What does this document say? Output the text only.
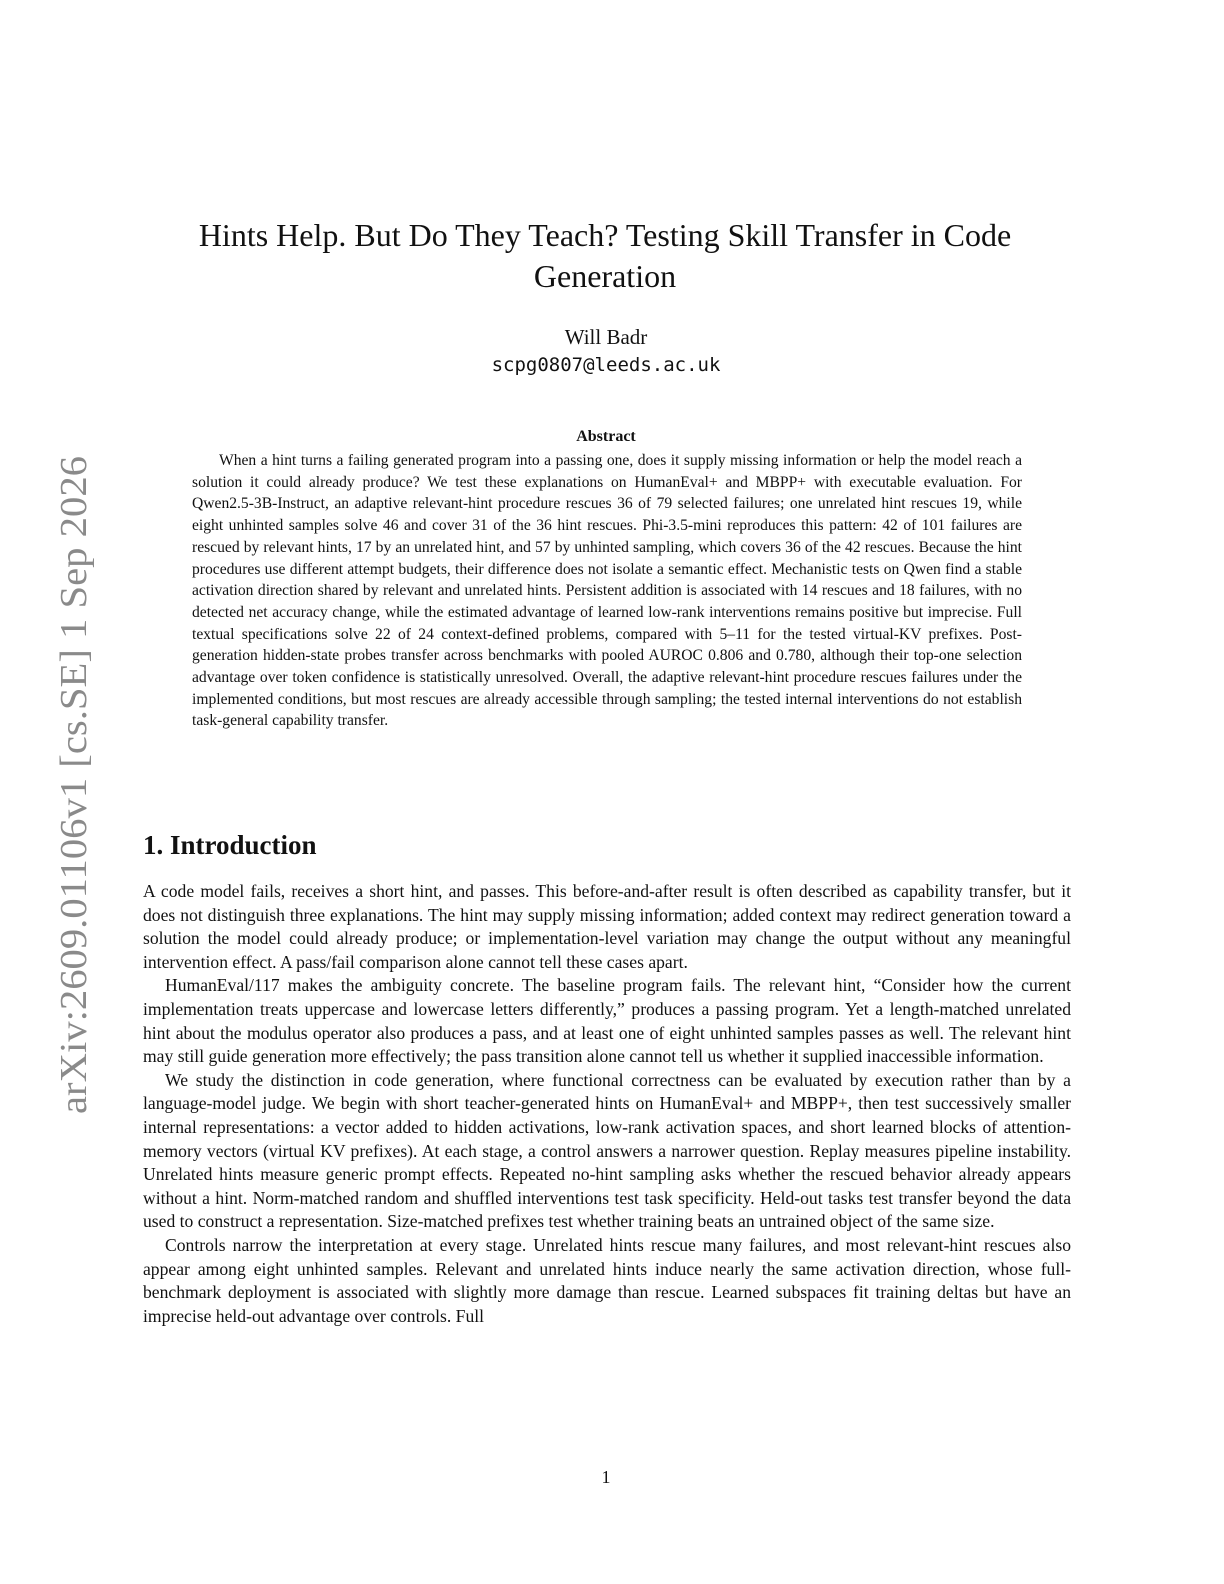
arXiv:2609.01106v1 [cs.SE] 1 Sep 2026
Hints Help. But Do They Teach? Testing Skill Transfer in Code Generation
Will Badr
scpg0807@leeds.ac.uk
Abstract

When a hint turns a failing generated program into a passing one, does it supply missing information or help the model reach a solution it could already produce? We test these explanations on HumanEval+ and MBPP+ with executable evaluation. For Qwen2.5-3B-Instruct, an adaptive relevant-hint procedure rescues 36 of 79 selected failures; one unrelated hint rescues 19, while eight unhinted samples solve 46 and cover 31 of the 36 hint rescues. Phi-3.5-mini reproduces this pattern: 42 of 101 failures are rescued by relevant hints, 17 by an unrelated hint, and 57 by unhinted sampling, which covers 36 of the 42 rescues. Because the hint procedures use different attempt budgets, their difference does not isolate a semantic effect. Mechanistic tests on Qwen find a stable activation direction shared by relevant and unrelated hints. Persistent addition is associated with 14 rescues and 18 failures, with no detected net accuracy change, while the estimated advantage of learned low-rank interventions remains positive but imprecise. Full textual specifications solve 22 of 24 context-defined problems, compared with 5–11 for the tested virtual-KV prefixes. Post-generation hidden-state probes transfer across benchmarks with pooled AUROC 0.806 and 0.780, although their top-one selection advantage over token confidence is statistically unresolved. Overall, the adaptive relevant-hint procedure rescues failures under the implemented conditions, but most rescues are already accessible through sampling; the tested internal interventions do not establish task-general capability transfer.

1. Introduction

A code model fails, receives a short hint, and passes. This before-and-after result is often described as capability transfer, but it does not distinguish three explanations. The hint may supply missing information; added context may redirect generation toward a solution the model could already produce; or implementation-level variation may change the output without any meaningful intervention effect. A pass/fail comparison alone cannot tell these cases apart.

HumanEval/117 makes the ambiguity concrete. The baseline program fails. The relevant hint, “Consider how the current implementation treats uppercase and lowercase letters differently,” produces a passing program. Yet a length-matched unrelated hint about the modulus operator also produces a pass, and at least one of eight unhinted samples passes as well. The relevant hint may still guide generation more effectively; the pass transition alone cannot tell us whether it supplied inaccessible information.

We study the distinction in code generation, where functional correctness can be evaluated by execution rather than by a language-model judge. We begin with short teacher-generated hints on HumanEval+ and MBPP+, then test successively smaller internal representations: a vector added to hidden activations, low-rank activation spaces, and short learned blocks of attention-memory vectors (virtual KV prefixes). At each stage, a control answers a narrower question. Replay measures pipeline instability. Unrelated hints measure generic prompt effects. Repeated no-hint sampling asks whether the rescued behavior already appears without a hint. Norm-matched random and shuffled interventions test task specificity. Held-out tasks test transfer beyond the data used to construct a representation. Size-matched prefixes test whether training beats an untrained object of the same size.

Controls narrow the interpretation at every stage. Unrelated hints rescue many failures, and most relevant-hint rescues also appear among eight unhinted samples. Relevant and unrelated hints induce nearly the same activation direction, whose full-benchmark deployment is associated with slightly more damage than rescue. Learned subspaces fit training deltas but have an imprecise held-out advantage over controls. Full

1
